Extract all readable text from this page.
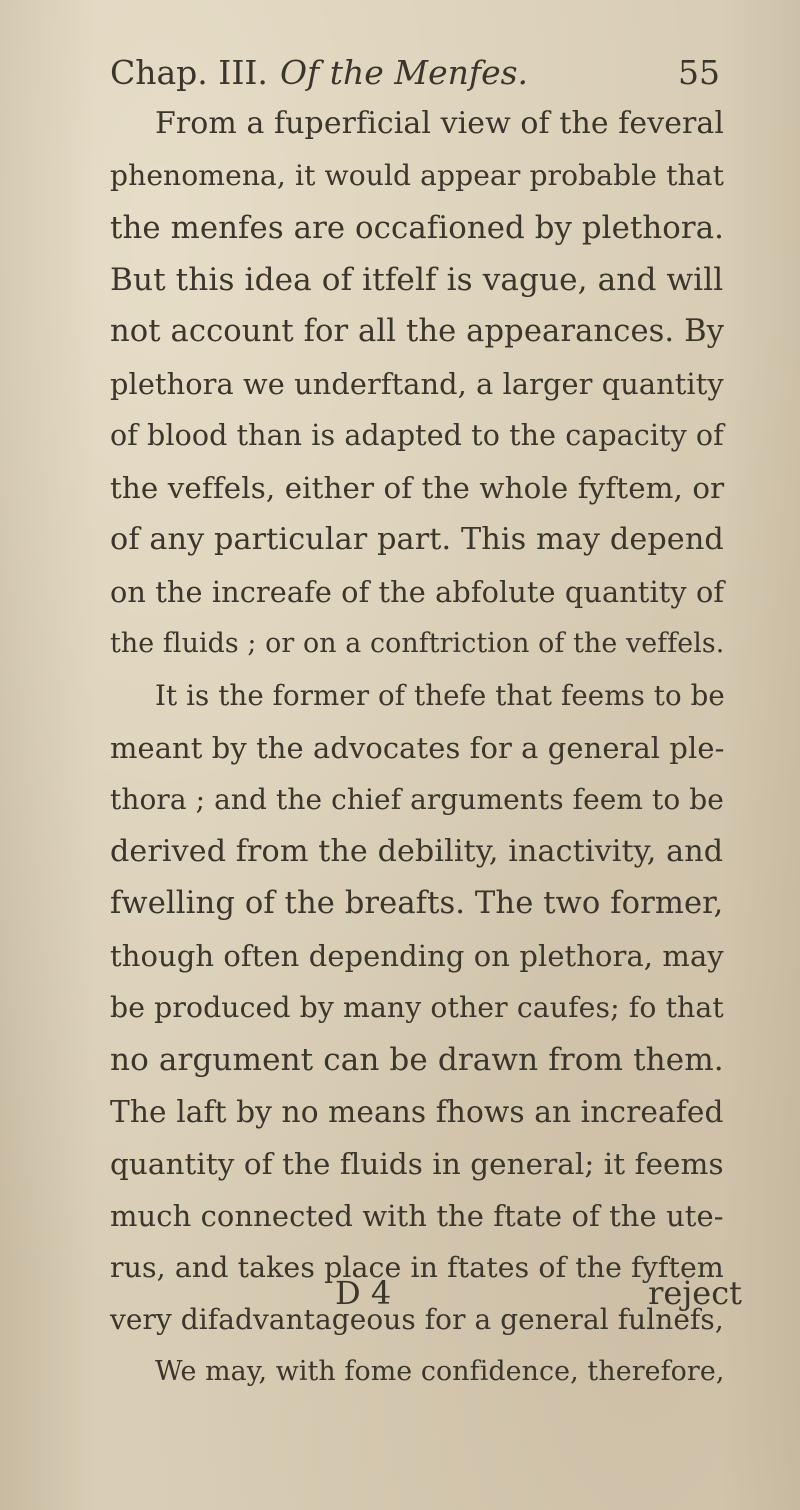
Chap. III. Of the Menfes.	55
From a fuperficial view of the feveral
phenomena, it would appear probable that
the menfes are occafioned by plethora.
But this idea of itfelf is vague, and will
not account for all the appearances. By
plethora we underftand, a larger quantity
of blood than is adapted to the capacity of
the veffels, either of the whole fyftem, or
of any particular part. This may depend
on the increafe of the abfolute quantity of
the fluids ; or on a conftriction of the veffels.
It is the former of thefe that feems to be
meant by the advocates for a general ple-
thora ; and the chief arguments feem to be
derived from the debility, inactivity, and
fwelling of the breafts. The two former,
though often depending on plethora, may
be produced by many other caufes; fo that
no argument can be drawn from them.
The laft by no means fhows an increafed
quantity of the fluids in general; it feems
much connected with the ftate of the ute-
rus, and takes place in ftates of the fyftem
very difadvantageous for a general fulnefs,
We may, with fome confidence, therefore,
D 4	reject
